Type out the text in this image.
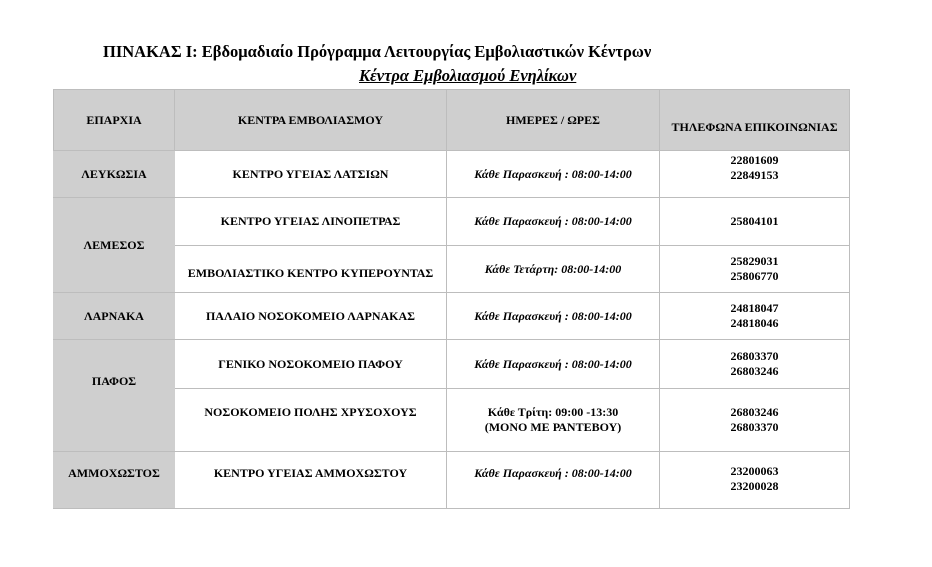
ΠΙΝΑΚΑΣ Ι: Εβδομαδιαίο Πρόγραμμα Λειτουργίας Εμβολιαστικών Κέντρων
Κέντρα Εμβολιασμού Ενηλίκων
ΕΠΑΡΧΙΑ	ΚΕΝΤΡΑ ΕΜΒΟΛΙΑΣΜΟΥ	ΗΜΕΡΕΣ / ΩΡΕΣ	ΤΗΛΕΦΩΝΑ ΕΠΙΚΟΙΝΩΝΙΑΣ
ΛΕΥΚΩΣΙΑ	ΚΕΝΤΡΟ ΥΓΕΙΑΣ ΛΑΤΣΙΩΝ	Κάθε Παρασκευή : 08:00-14:00	22801609
22849153

ΛΕΜΕΣΟΣ	ΚΕΝΤΡΟ ΥΓΕΙΑΣ ΛΙΝΟΠΕΤΡΑΣ	Κάθε Παρασκευή : 08:00-14:00	25804101

	ΕΜΒΟΛΙΑΣΤΙΚΟ ΚΕΝΤΡΟ ΚΥΠΕΡΟΥΝΤΑΣ	Κάθε Τετάρτη: 08:00-14:00	25829031
25806770

ΛΑΡΝΑΚΑ	ΠΑΛΑΙΟ ΝΟΣΟΚΟΜΕΙΟ ΛΑΡΝΑΚΑΣ	Κάθε Παρασκευή : 08:00-14:00	24818047
24818046

ΠΑΦΟΣ	ΓΕΝΙΚΟ ΝΟΣΟΚΟΜΕΙΟ ΠΑΦΟΥ	Κάθε Παρασκευή : 08:00-14:00	26803370
26803246

	ΝΟΣΟΚΟΜΕΙΟ ΠΟΛΗΣ ΧΡΥΣΟΧΟΥΣ	Κάθε Τρίτη: 09:00 -13:30
(ΜΟΝΟ ΜΕ ΡΑΝΤΕΒΟΥ)	26803246
26803370

ΑΜΜΟΧΩΣΤΟΣ	ΚΕΝΤΡΟ ΥΓΕΙΑΣ ΑΜΜΟΧΩΣΤΟΥ	Κάθε Παρασκευή : 08:00-14:00	23200063
23200028
